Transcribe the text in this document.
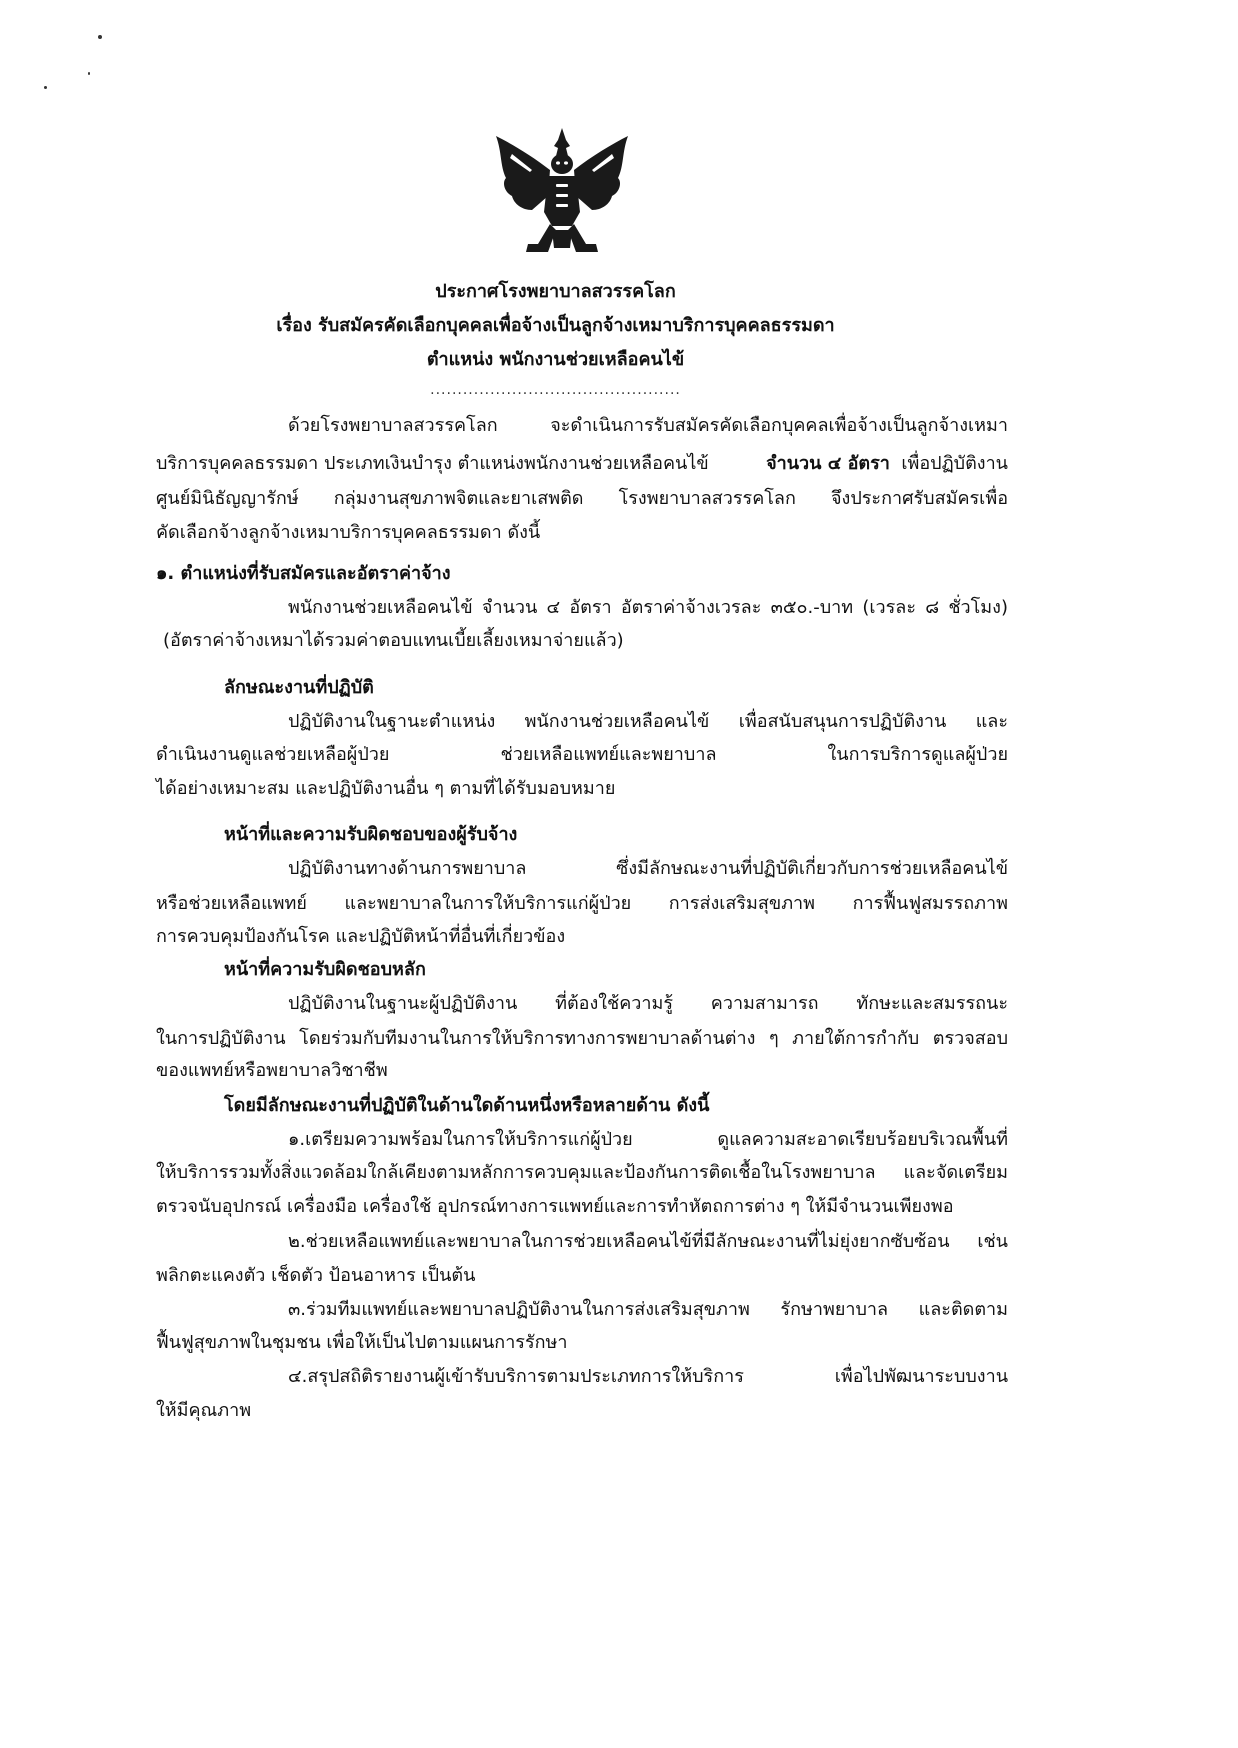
ประกาศโรงพยาบาลสวรรคโลก
เรื่อง รับสมัครคัดเลือกบุคคลเพื่อจ้างเป็นลูกจ้างเหมาบริการบุคคลธรรมดา
ตำแหน่ง พนักงานช่วยเหลือคนไข้
..............................................
ด้วยโรงพยาบาลสวรรคโลก จะดำเนินการรับสมัครคัดเลือกบุคคลเพื่อจ้างเป็นลูกจ้างเหมา
บริการบุคคลธรรมดา ประเภทเงินบำรุง ตำแหน่งพนักงานช่วยเหลือคนไข้	จำนวน ๔ อัตรา  เพื่อปฏิบัติงาน
ศูนย์มินิธัญญารักษ์ กลุ่มงานสุขภาพจิตและยาเสพติด โรงพยาบาลสวรรคโลก จึงประกาศรับสมัครเพื่อ
คัดเลือกจ้างลูกจ้างเหมาบริการบุคคลธรรมดา ดังนี้
๑. ตำแหน่งที่รับสมัครและอัตราค่าจ้าง
พนักงานช่วยเหลือคนไข้ จำนวน ๔ อัตรา อัตราค่าจ้างเวรละ ๓๕๐.-บาท (เวรละ ๘ ชั่วโมง)
(อัตราค่าจ้างเหมาได้รวมค่าตอบแทนเบี้ยเลี้ยงเหมาจ่ายแล้ว)
ลักษณะงานที่ปฏิบัติ
ปฏิบัติงานในฐานะตำแหน่ง พนักงานช่วยเหลือคนไข้ เพื่อสนับสนุนการปฏิบัติงาน และ
ดำเนินงานดูแลช่วยเหลือผู้ป่วย ช่วยเหลือแพทย์และพยาบาล ในการบริการดูแลผู้ป่วย
ได้อย่างเหมาะสม และปฏิบัติงานอื่น ๆ ตามที่ได้รับมอบหมาย
หน้าที่และความรับผิดชอบของผู้รับจ้าง
ปฏิบัติงานทางด้านการพยาบาล ซึ่งมีลักษณะงานที่ปฏิบัติเกี่ยวกับการช่วยเหลือคนไข้
หรือช่วยเหลือแพทย์ และพยาบาลในการให้บริการแก่ผู้ป่วย การส่งเสริมสุขภาพ การฟื้นฟูสมรรถภาพ
การควบคุมป้องกันโรค และปฏิบัติหน้าที่อื่นที่เกี่ยวข้อง
หน้าที่ความรับผิดชอบหลัก
ปฏิบัติงานในฐานะผู้ปฏิบัติงาน ที่ต้องใช้ความรู้ ความสามารถ ทักษะและสมรรถนะ
ในการปฏิบัติงาน โดยร่วมกับทีมงานในการให้บริการทางการพยาบาลด้านต่าง ๆ ภายใต้การกำกับ ตรวจสอบ
ของแพทย์หรือพยาบาลวิชาชีพ
โดยมีลักษณะงานที่ปฏิบัติในด้านใดด้านหนึ่งหรือหลายด้าน ดังนี้
๑.เตรียมความพร้อมในการให้บริการแก่ผู้ป่วย ดูแลความสะอาดเรียบร้อยบริเวณพื้นที่
ให้บริการรวมทั้งสิ่งแวดล้อมใกล้เคียงตามหลักการควบคุมและป้องกันการติดเชื้อในโรงพยาบาล และจัดเตรียม
ตรวจนับอุปกรณ์ เครื่องมือ เครื่องใช้ อุปกรณ์ทางการแพทย์และการทำหัตถการต่าง ๆ ให้มีจำนวนเพียงพอ
๒.ช่วยเหลือแพทย์และพยาบาลในการช่วยเหลือคนไข้ที่มีลักษณะงานที่ไม่ยุ่งยากซับซ้อน เช่น
พลิกตะแคงตัว เช็ดตัว ป้อนอาหาร เป็นต้น
๓.ร่วมทีมแพทย์และพยาบาลปฏิบัติงานในการส่งเสริมสุขภาพ รักษาพยาบาล และติดตาม
ฟื้นฟูสุขภาพในชุมชน เพื่อให้เป็นไปตามแผนการรักษา
๔.สรุปสถิติรายงานผู้เข้ารับบริการตามประเภทการให้บริการ เพื่อไปพัฒนาระบบงาน
ให้มีคุณภาพ
